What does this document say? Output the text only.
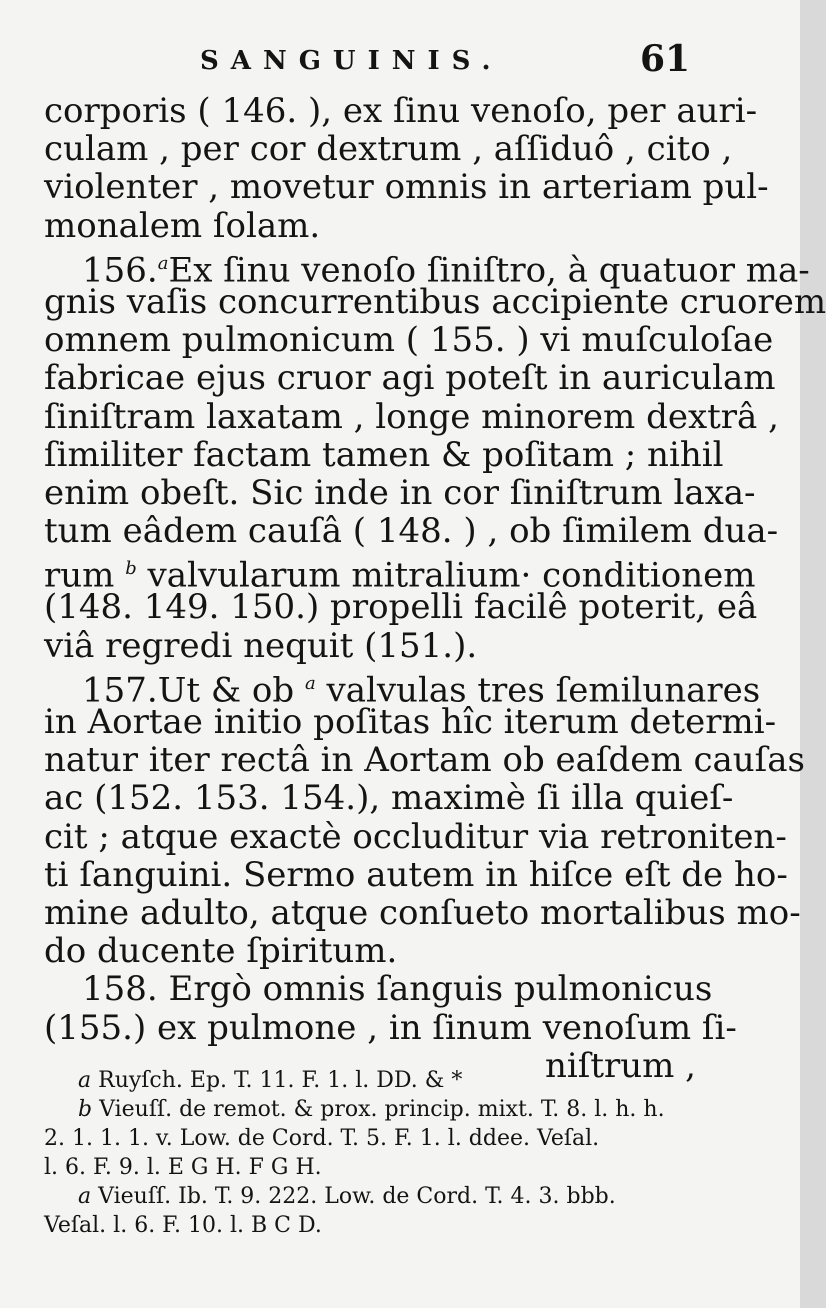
SANGUINIS.	61
corporis ( 146. ), ex ſinu venoſo, per auri-
culam , per cor dextrum , aſſiduô , cito ,
violenter , movetur omnis in arteriam pul-
monalem ſolam.
156.$^a$Ex ſinu venoſo ſiniſtro, à quatuor ma-
gnis vaſis concurrentibus accipiente cruorem
omnem pulmonicum ( 155. ) vi muſculoſae
fabricae ejus cruor agi poteſt in auriculam
ſiniſtram laxatam , longe minorem dextrâ ,
ſimiliter factam tamen & poſitam ; nihil
enim obeſt. Sic inde in cor ſiniſtrum laxa-
tum eâdem cauſâ ( 148. ) , ob ſimilem dua-
rum $^b$ valvularum mitralium· conditionem
(148. 149. 150.) propelli facilê poterit, eâ
viâ regredi nequit (151.).
157.Ut & ob $^a$ valvulas tres ſemilunares
in Aortae initio poſitas hîc iterum determi-
natur iter rectâ in Aortam ob eaſdem cauſas
ac (152. 153. 154.), maximè ſi illa quieſ-
cit ; atque exactè occluditur via retroniten-
ti ſanguini. Sermo autem in hiſce eſt de ho-
mine adulto, atque conſueto mortalibus mo-
do ducente ſpiritum.
158. Ergò omnis ſanguis pulmonicus
(155.) ex pulmone , in ſinum venoſum ſi-
niſtrum ,
a Ruyſch. Ep. T. 11. F. 1. l. DD. & *
b Vieuſſ. de remot. & prox. princip. mixt. T. 8. l. h. h.
2. 1. 1. 1. v. Low. de Cord. T. 5. F. 1. l. ddee. Veſal.
l. 6. F. 9. l. E G H. F G H.
a Vieuſſ. Ib. T. 9. 222. Low. de Cord. T. 4. 3. bbb.
Veſal. l. 6. F. 10. l. B C D.
